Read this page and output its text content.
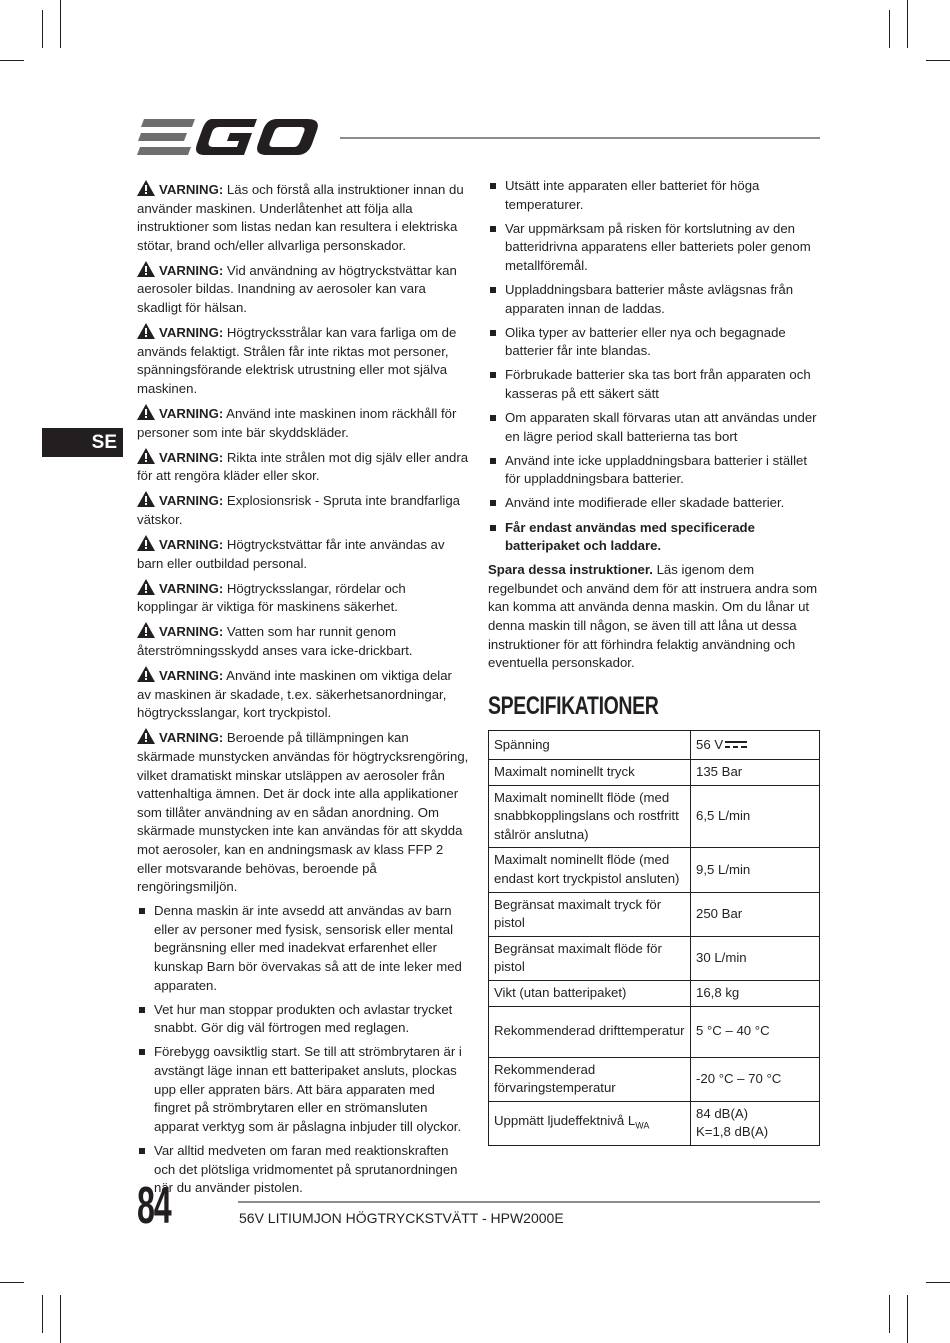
SE

VARNING: Läs och förstå alla instruktioner innan du använder maskinen. Underlåtenhet att följa alla instruktioner som listas nedan kan resultera i elektriska stötar, brand och/eller allvarliga personskador.

VARNING: Vid användning av högtryckstvättar kan aerosoler bildas. Inandning av aerosoler kan vara skadligt för hälsan.

VARNING: Högtrycksstrålar kan vara farliga om de används felaktigt. Strålen får inte riktas mot personer, spänningsförande elektrisk utrustning eller mot själva maskinen.

VARNING: Använd inte maskinen inom räckhåll för personer som inte bär skyddskläder.

VARNING: Rikta inte strålen mot dig själv eller andra för att rengöra kläder eller skor.

VARNING: Explosionsrisk - Spruta inte brandfarliga vätskor.

VARNING: Högtryckstvättar får inte användas av barn eller outbildad personal.

VARNING: Högtrycksslangar, rördelar och kopplingar är viktiga för maskinens säkerhet.

VARNING: Vatten som har runnit genom återströmningsskydd anses vara icke-drickbart.

VARNING: Använd inte maskinen om viktiga delar av maskinen är skadade, t.ex. säkerhetsanordningar, högtrycksslangar, kort tryckpistol.

VARNING: Beroende på tillämpningen kan skärmade munstycken användas för högtrycksrengöring, vilket dramatiskt minskar utsläppen av aerosoler från vattenhaltiga ämnen. Det är dock inte alla applikationer som tillåter användning av en sådan anordning. Om skärmade munstycken inte kan användas för att skydda mot aerosoler, kan en andningsmask av klass FFP 2 eller motsvarande behövas, beroende på rengöringsmiljön.

Denna maskin är inte avsedd att användas av barn eller av personer med fysisk, sensorisk eller mental begränsning eller med inadekvat erfarenhet eller kunskap Barn bör övervakas så att de inte leker med apparaten.
Vet hur man stoppar produkten och avlastar trycket snabbt. Gör dig väl förtrogen med reglagen.
Förebygg oavsiktlig start. Se till att strömbrytaren är i avstängt läge innan ett batteripaket ansluts, plockas upp eller appraten bärs. Att bära apparaten med fingret på strömbrytaren eller en strömansluten apparat verktyg som är påslagna inbjuder till olyckor.
Var alltid medveten om faran med reaktionskraften och det plötsliga vridmomentet på sprutanordningen när du använder pistolen.
Utsätt inte apparaten eller batteriet för höga temperaturer.
Var uppmärksam på risken för kortslutning av den batteridrivna apparatens eller batteriets poler genom metallföremål.
Uppladdningsbara batterier måste avlägsnas från apparaten innan de laddas.
Olika typer av batterier eller nya och begagnade batterier får inte blandas.
Förbrukade batterier ska tas bort från apparaten och kasseras på ett säkert sätt
Om apparaten skall förvaras utan att användas under en lägre period skall batterierna tas bort
Använd inte icke uppladdningsbara batterier i stället för uppladdningsbara batterier.
Använd inte modifierade eller skadade batterier.
Får endast användas med specificerade batteripaket och laddare.

Spara dessa instruktioner. Läs igenom dem regelbundet och använd dem för att instruera andra som kan komma att använda denna maskin. Om du lånar ut denna maskin till någon, se även till att låna ut dessa instruktioner för att förhindra felaktig användning och eventuella personskador.

SPECIFIKATIONER
Spänning	56 V
Maximalt nominellt tryck	135 Bar
Maximalt nominellt flöde (med snabbkopplingslans och rostfritt stålrör anslutna)	6,5 L/min
Maximalt nominellt flöde (med endast kort tryckpistol ansluten)	9,5 L/min
Begränsat maximalt tryck för pistol	250 Bar
Begränsat maximalt flöde för pistol	30 L/min
Vikt (utan batteripaket)	16,8 kg
Rekommenderad drifttemperatur	5 °C – 40 °C
Rekommenderad förvaringstemperatur	-20 °C – 70 °C
Uppmätt ljudeffektnivå $L_{WA}$	84 dB(A)
K=1,8 dB(A)
84	56V LITIUMJON HÖGTRYCKSTVÄTT - HPW2000E
